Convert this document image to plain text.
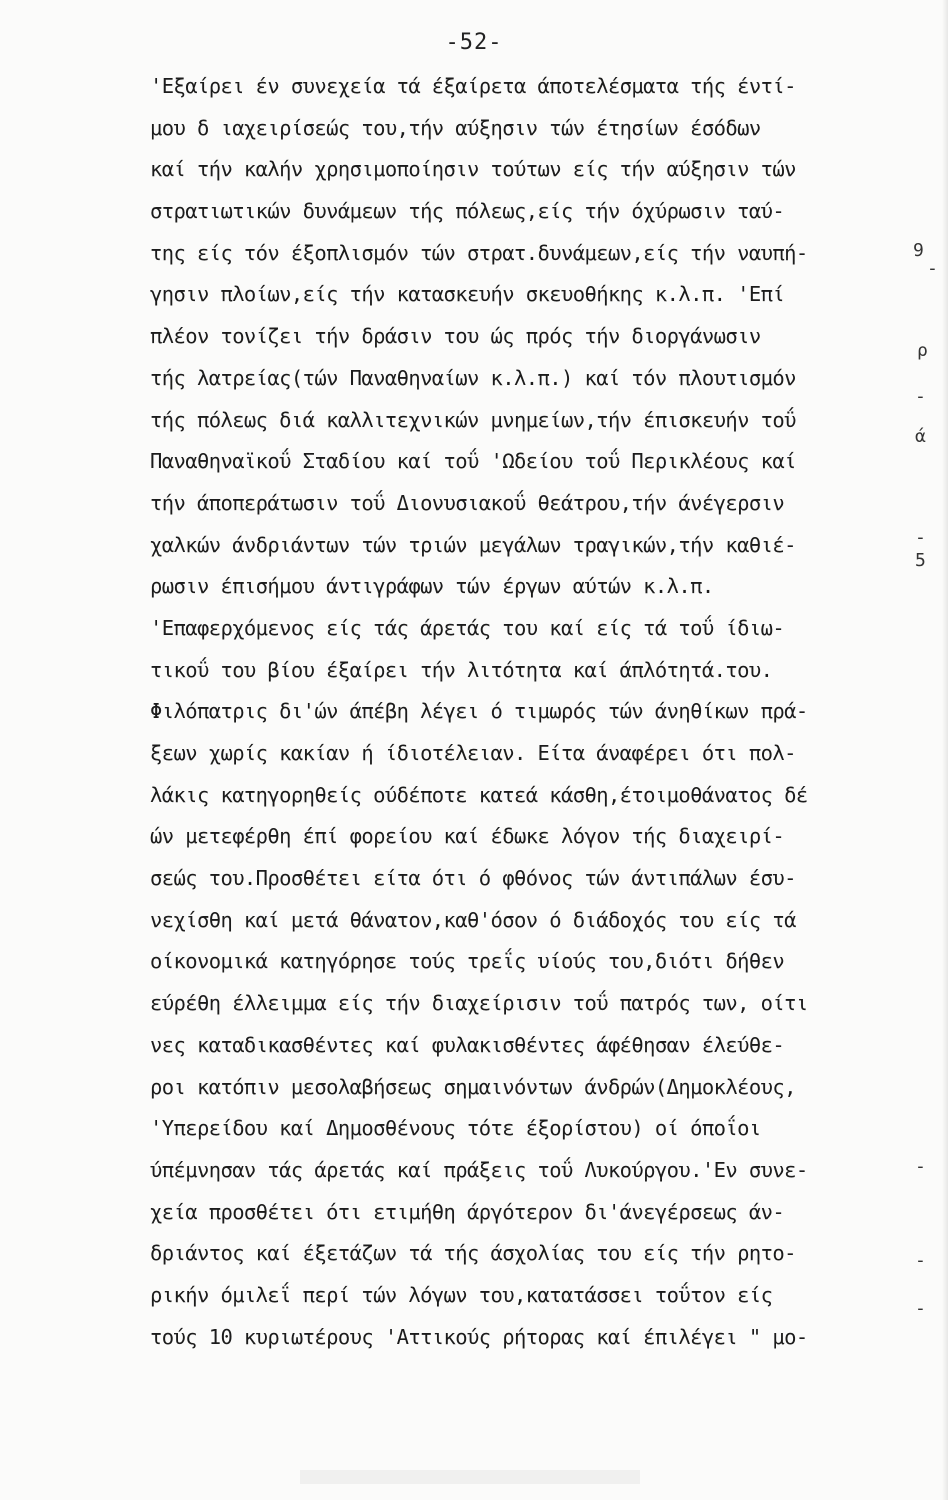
-52-
'Εξαίρει έν συνεχεία τά έξαίρετα άποτελέσματα τής έντί-
μου δ ιαχειρίσεώς του,τήν αύξησιν τών έτησίων έσόδων
καί τήν καλήν χρησιμοποίησιν τούτων είς τήν αύξησιν τών
στρατιωτικών δυνάμεων τής πόλεως,είς τήν όχύρωσιν ταύ-
της είς τόν έξοπλισμόν τών στρατ.δυνάμεων,είς τήν ναυπή-
γησιν πλοίων,είς τήν κατασκευήν σκευοθήκης κ.λ.π. 'Επί
πλέον τονίζει τήν δράσιν του ώς πρός τήν διοργάνωσιν
τής λατρείας(τών Παναθηναίων κ.λ.π.) καί τόν πλουτισμόν
τής πόλεως διά καλλιτεχνικών μνημείων,τήν έπισκευήν τοΰ
Παναθηναϊκοΰ Σταδίου καί τοΰ 'Ωδείου τοΰ Περικλέους καί
τήν άποπεράτωσιν τοΰ Διονυσιακοΰ θεάτρου,τήν άνέγερσιν
χαλκών άνδριάντων τών τριών μεγάλων τραγικών,τήν καθιέ-
ρωσιν έπισήμου άντιγράφων τών έργων αύτών κ.λ.π.
'Επαφερχόμενος είς τάς άρετάς του καί είς τά τοΰ ίδιω-
τικοΰ του βίου έξαίρει τήν λιτότητα καί άπλότητά.του.
Φιλόπατρις δι'ών άπέβη λέγει ό τιμωρός τών άνηθίκων πρά-
ξεων χωρίς κακίαν ή ίδιοτέλειαν. Είτα άναφέρει ότι πολ-
λάκις κατηγορηθείς ούδέποτε κατεά κάσθη,έτοιμοθάνατος δέ
ών μετεφέρθη έπί φορείου καί έδωκε λόγον τής διαχειρί-
σεώς του.Προσθέτει είτα ότι ό φθόνος τών άντιπάλων έσυ-
νεχίσθη καί μετά θάνατον,καθ'όσον ό διάδοχός του είς τά
οίκονομικά κατηγόρησε τούς τρεΐς υίούς του,διότι δήθεν
εύρέθη έλλειμμα είς τήν διαχείρισιν τοΰ πατρός των, οίτι
νες καταδικασθέντες καί φυλακισθέντες άφέθησαν έλεύθε-
ροι κατόπιν μεσολαβήσεως σημαινόντων άνδρών(Δημοκλέους,
'Υπερείδου καί Δημοσθένους τότε έξορίστου) οί όποΐοι
ύπέμνησαν τάς άρετάς καί πράξεις τοΰ Λυκούργου.'Εν συνε-
χεία προσθέτει ότι ετιμήθη άργότερον δι'άνεγέρσεως άν-
δριάντος καί έξετάζων τά τής άσχολίας του είς τήν ρητο-
ρικήν όμιλεΐ περί τών λόγων του,κατατάσσει τοΰτον είς
τούς 10 κυριωτέρους 'Αττικούς ρήτορας καί έπιλέγει " μο-
9
-
ρ
-
ά
-
5
-
-
-
